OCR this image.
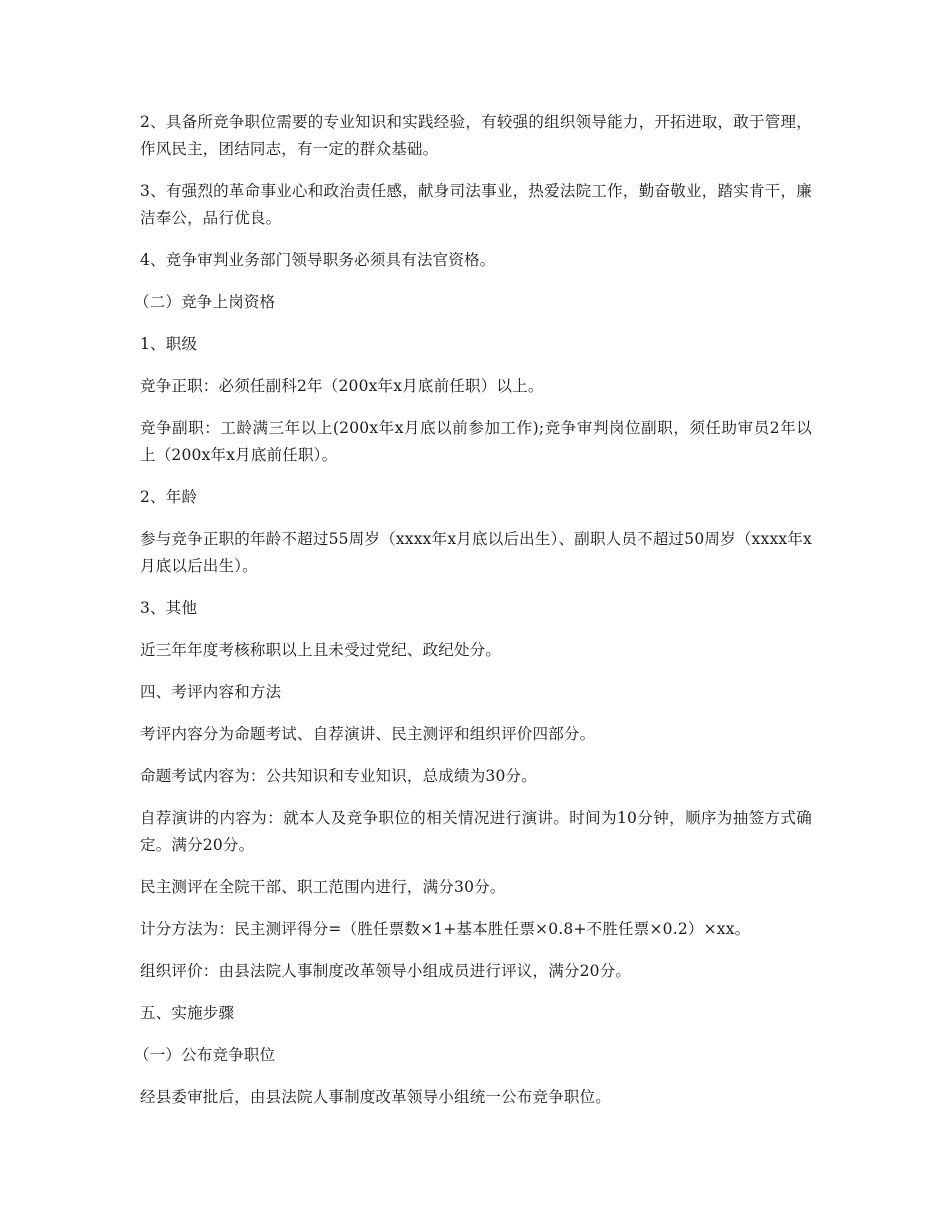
2、具备所竞争职位需要的专业知识和实践经验，有较强的组织领导能力，开拓进取，敢于管理，作风民主，团结同志，有一定的群众基础。

3、有强烈的革命事业心和政治责任感，献身司法事业，热爱法院工作，勤奋敬业，踏实肯干，廉洁奉公，品行优良。

4、竞争审判业务部门领导职务必须具有法官资格。

（二）竞争上岗资格

1、职级

竞争正职：必须任副科2年（200x年x月底前任职）以上。

竞争副职：工龄满三年以上(200x年x月底以前参加工作);竞争审判岗位副职，须任助审员2年以上（200x年x月底前任职）。

2、年龄

参与竞争正职的年龄不超过55周岁（xxxx年x月底以后出生）、副职人员不超过50周岁（xxxx年x月底以后出生）。

3、其他

近三年年度考核称职以上且未受过党纪、政纪处分。

四、考评内容和方法

考评内容分为命题考试、自荐演讲、民主测评和组织评价四部分。

命题考试内容为：公共知识和专业知识，总成绩为30分。

自荐演讲的内容为：就本人及竞争职位的相关情况进行演讲。时间为10分钟，顺序为抽签方式确定。满分20分。

民主测评在全院干部、职工范围内进行，满分30分。

计分方法为：民主测评得分=（胜任票数×1+基本胜任票×0.8+不胜任票×0.2）×xx。

组织评价：由县法院人事制度改革领导小组成员进行评议，满分20分。

五、实施步骤

（一）公布竞争职位

经县委审批后，由县法院人事制度改革领导小组统一公布竞争职位。
